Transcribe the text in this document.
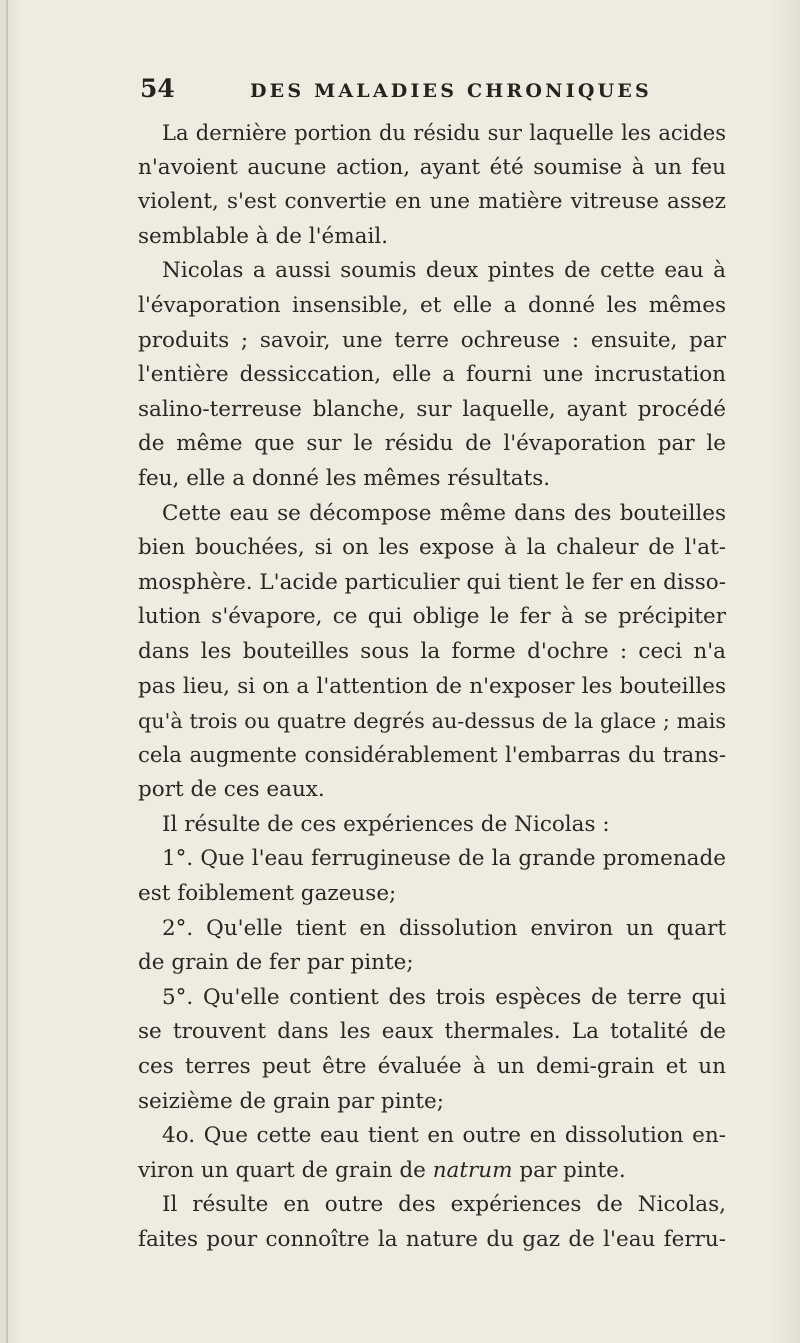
54	DES MALADIES CHRONIQUES
La dernière portion du résidu sur laquelle les acides
n'avoient aucune action, ayant été soumise à un feu
violent, s'est convertie en une matière vitreuse assez
semblable à de l'émail.
Nicolas a aussi soumis deux pintes de cette eau à
l'évaporation insensible, et elle a donné les mêmes
produits ; savoir, une terre ochreuse : ensuite, par
l'entière dessiccation, elle a fourni une incrustation
salino-terreuse blanche, sur laquelle, ayant procédé
de même que sur le résidu de l'évaporation par le
feu, elle a donné les mêmes résultats.
Cette eau se décompose même dans des bouteilles
bien bouchées, si on les expose à la chaleur de l'at-
mosphère. L'acide particulier qui tient le fer en disso-
lution s'évapore, ce qui oblige le fer à se précipiter
dans les bouteilles sous la forme d'ochre : ceci n'a
pas lieu, si on a l'attention de n'exposer les bouteilles
qu'à trois ou quatre degrés au-dessus de la glace ; mais
cela augmente considérablement l'embarras du trans-
port de ces eaux.
Il résulte de ces expériences de Nicolas :
1°. Que l'eau ferrugineuse de la grande promenade
est foiblement gazeuse;
2°. Qu'elle tient en dissolution environ un quart
de grain de fer par pinte;
5°. Qu'elle contient des trois espèces de terre qui
se trouvent dans les eaux thermales. La totalité de
ces terres peut être évaluée à un demi-grain et un
seizième de grain par pinte;
4o. Que cette eau tient en outre en dissolution en-
viron un quart de grain de natrum par pinte.
Il résulte en outre des expériences de Nicolas,
faites pour connoître la nature du gaz de l'eau ferru-
